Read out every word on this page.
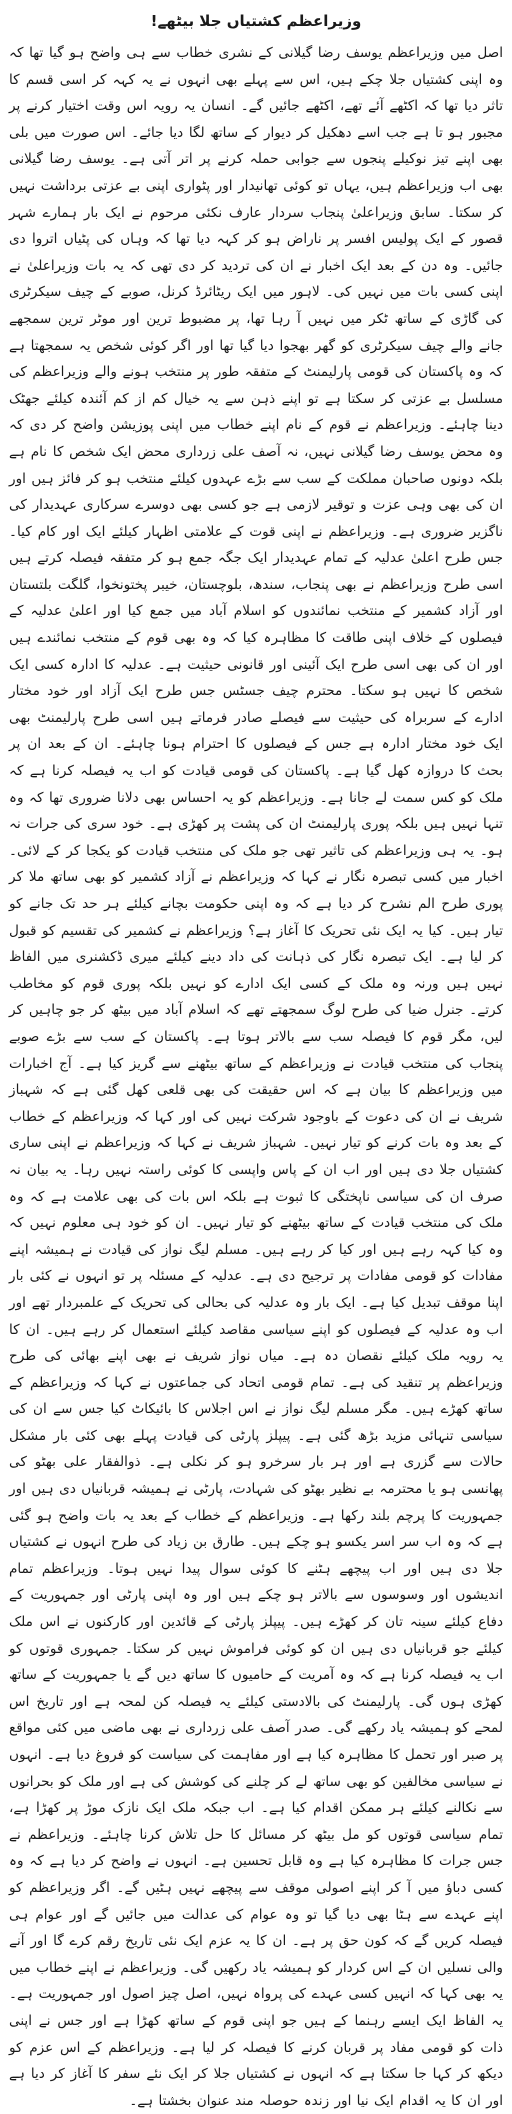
وزیراعظم کشتیاں جلا بیٹھے!

اصل میں وزیراعظم یوسف رضا گیلانی کے نشری خطاب سے ہی واضح ہو گیا تھا کہ وہ اپنی کشتیاں جلا چکے ہیں، اس سے پہلے بھی انہوں نے یہ کہہ کر اسی قسم کا تاثر دیا تھا کہ اکٹھے آئے تھے، اکٹھے جائیں گے۔ انسان یہ رویہ اس وقت اختیار کرنے پر مجبور ہو تا ہے جب اسے دھکیل کر دیوار کے ساتھ لگا دیا جائے۔ اس صورت میں بلی بھی اپنے تیز نوکیلے پنجوں سے جوابی حملہ کرنے پر اتر آتی ہے۔ یوسف رضا گیلانی بھی اب وزیراعظم ہیں، یہاں تو کوئی تھانیدار اور پٹواری اپنی بے عزتی برداشت نہیں کر سکتا۔ سابق وزیراعلیٰ پنجاب سردار عارف نکئی مرحوم نے ایک بار ہمارے شہر قصور کے ایک پولیس افسر پر ناراض ہو کر کہہ دیا تھا کہ وہاں کی پٹیاں اتروا دی جائیں۔ وہ دن کے بعد ایک اخبار نے ان کی تردید کر دی تھی کہ یہ بات وزیراعلیٰ نے اپنی کسی بات میں نہیں کی۔ لاہور میں ایک ریٹائرڈ کرنل، صوبے کے چیف سیکرٹری کی گاڑی کے ساتھ ٹکر میں نہیں آ رہا تھا، پر مضبوط ترین اور موٹر ترین سمجھے جانے والے چیف سیکرٹری کو گھر بھجوا دیا گیا تھا اور اگر کوئی شخص یہ سمجھتا ہے کہ وہ پاکستان کی قومی پارلیمنٹ کے متفقہ طور پر منتخب ہونے والے وزیراعظم کی مسلسل بے عزتی کر سکتا ہے تو اپنے ذہن سے یہ خیال کم از کم آئندہ کیلئے جھٹک دینا چاہئے۔ وزیراعظم نے قوم کے نام اپنے خطاب میں اپنی پوزیشن واضح کر دی کہ وہ محض یوسف رضا گیلانی نہیں، نہ آصف علی زرداری محض ایک شخص کا نام ہے بلکہ دونوں صاحبان مملکت کے سب سے بڑے عہدوں کیلئے منتخب ہو کر فائز ہیں اور ان کی بھی وہی عزت و توقیر لازمی ہے جو کسی بھی دوسرے سرکاری عہدیدار کی ناگزیر ضروری ہے۔ وزیراعظم نے اپنی قوت کے علامتی اظہار کیلئے ایک اور کام کیا۔ جس طرح اعلیٰ عدلیہ کے تمام عہدیدار ایک جگہ جمع ہو کر متفقہ فیصلہ کرتے ہیں اسی طرح وزیراعظم نے بھی پنجاب، سندھ، بلوچستان، خیبر پختونخوا، گلگت بلتستان اور آزاد کشمیر کے منتخب نمائندوں کو اسلام آباد میں جمع کیا اور اعلیٰ عدلیہ کے فیصلوں کے خلاف اپنی طاقت کا مظاہرہ کیا کہ وہ بھی قوم کے منتخب نمائندے ہیں اور ان کی بھی اسی طرح ایک آئینی اور قانونی حیثیت ہے۔ عدلیہ کا ادارہ کسی ایک شخص کا نہیں ہو سکتا۔ محترم چیف جسٹس جس طرح ایک آزاد اور خود مختار ادارے کے سربراہ کی حیثیت سے فیصلے صادر فرماتے ہیں اسی طرح پارلیمنٹ بھی ایک خود مختار ادارہ ہے جس کے فیصلوں کا احترام ہونا چاہئے۔ ان کے بعد ان پر بحث کا دروازہ کھل گیا ہے۔ پاکستان کی قومی قیادت کو اب یہ فیصلہ کرنا ہے کہ ملک کو کس سمت لے جانا ہے۔ وزیراعظم کو یہ احساس بھی دلانا ضروری تھا کہ وہ تنہا نہیں ہیں بلکہ پوری پارلیمنٹ ان کی پشت پر کھڑی ہے۔ خود سری کی جرات نہ ہو۔ یہ ہی وزیراعظم کی تاثیر تھی جو ملک کی منتخب قیادت کو یکجا کر کے لائی۔ اخبار میں کسی تبصرہ نگار نے کہا کہ وزیراعظم نے آزاد کشمیر کو بھی ساتھ ملا کر پوری طرح الم نشرح کر دیا ہے کہ وہ اپنی حکومت بچانے کیلئے ہر حد تک جانے کو تیار ہیں۔ کیا یہ ایک نئی تحریک کا آغاز ہے؟ وزیراعظم نے کشمیر کی تقسیم کو قبول کر لیا ہے۔ ایک تبصرہ نگار کی ذہانت کی داد دینے کیلئے میری ڈکشنری میں الفاظ نہیں ہیں ورنہ وہ ملک کے کسی ایک ادارے کو نہیں بلکہ پوری قوم کو مخاطب کرتے۔ جنرل ضیا کی طرح لوگ سمجھتے تھے کہ اسلام آباد میں بیٹھ کر جو چاہیں کر لیں، مگر قوم کا فیصلہ سب سے بالاتر ہوتا ہے۔ پاکستان کے سب سے بڑے صوبے پنجاب کی منتخب قیادت نے وزیراعظم کے ساتھ بیٹھنے سے گریز کیا ہے۔ آج اخبارات میں وزیراعظم کا بیان ہے کہ اس حقیقت کی بھی قلعی کھل گئی ہے کہ شہباز شریف نے ان کی دعوت کے باوجود شرکت نہیں کی اور کہا کہ وزیراعظم کے خطاب کے بعد وہ بات کرنے کو تیار نہیں۔ شہباز شریف نے کہا کہ وزیراعظم نے اپنی ساری کشتیاں جلا دی ہیں اور اب ان کے پاس واپسی کا کوئی راستہ نہیں رہا۔ یہ بیان نہ صرف ان کی سیاسی ناپختگی کا ثبوت ہے بلکہ اس بات کی بھی علامت ہے کہ وہ ملک کی منتخب قیادت کے ساتھ بیٹھنے کو تیار نہیں۔ ان کو خود ہی معلوم نہیں کہ وہ کیا کہہ رہے ہیں اور کیا کر رہے ہیں۔ مسلم لیگ نواز کی قیادت نے ہمیشہ اپنے مفادات کو قومی مفادات پر ترجیح دی ہے۔ عدلیہ کے مسئلہ پر تو انہوں نے کئی بار اپنا موقف تبدیل کیا ہے۔ ایک بار وہ عدلیہ کی بحالی کی تحریک کے علمبردار تھے اور اب وہ عدلیہ کے فیصلوں کو اپنے سیاسی مقاصد کیلئے استعمال کر رہے ہیں۔ ان کا یہ رویہ ملک کیلئے نقصان دہ ہے۔ میاں نواز شریف نے بھی اپنے بھائی کی طرح وزیراعظم پر تنقید کی ہے۔ تمام قومی اتحاد کی جماعتوں نے کہا کہ وزیراعظم کے ساتھ کھڑے ہیں۔ مگر مسلم لیگ نواز نے اس اجلاس کا بائیکاٹ کیا جس سے ان کی سیاسی تنہائی مزید بڑھ گئی ہے۔ پیپلز پارٹی کی قیادت پہلے بھی کئی بار مشکل حالات سے گزری ہے اور ہر بار سرخرو ہو کر نکلی ہے۔ ذوالفقار علی بھٹو کی پھانسی ہو یا محترمہ بے نظیر بھٹو کی شہادت، پارٹی نے ہمیشہ قربانیاں دی ہیں اور جمہوریت کا پرچم بلند رکھا ہے۔ وزیراعظم کے خطاب کے بعد یہ بات واضح ہو گئی ہے کہ وہ اب سر اسر یکسو ہو چکے ہیں۔ طارق بن زیاد کی طرح انہوں نے کشتیاں جلا دی ہیں اور اب پیچھے ہٹنے کا کوئی سوال پیدا نہیں ہوتا۔ وزیراعظم تمام اندیشوں اور وسوسوں سے بالاتر ہو چکے ہیں اور وہ اپنی پارٹی اور جمہوریت کے دفاع کیلئے سینہ تان کر کھڑے ہیں۔ پیپلز پارٹی کے قائدین اور کارکنوں نے اس ملک کیلئے جو قربانیاں دی ہیں ان کو کوئی فراموش نہیں کر سکتا۔ جمہوری قوتوں کو اب یہ فیصلہ کرنا ہے کہ وہ آمریت کے حامیوں کا ساتھ دیں گے یا جمہوریت کے ساتھ کھڑی ہوں گی۔ پارلیمنٹ کی بالادستی کیلئے یہ فیصلہ کن لمحہ ہے اور تاریخ اس لمحے کو ہمیشہ یاد رکھے گی۔ صدر آصف علی زرداری نے بھی ماضی میں کئی مواقع پر صبر اور تحمل کا مظاہرہ کیا ہے اور مفاہمت کی سیاست کو فروغ دیا ہے۔ انہوں نے سیاسی مخالفین کو بھی ساتھ لے کر چلنے کی کوشش کی ہے اور ملک کو بحرانوں سے نکالنے کیلئے ہر ممکن اقدام کیا ہے۔ اب جبکہ ملک ایک نازک موڑ پر کھڑا ہے، تمام سیاسی قوتوں کو مل بیٹھ کر مسائل کا حل تلاش کرنا چاہئے۔ وزیراعظم نے جس جرات کا مظاہرہ کیا ہے وہ قابل تحسین ہے۔ انہوں نے واضح کر دیا ہے کہ وہ کسی دباؤ میں آ کر اپنے اصولی موقف سے پیچھے نہیں ہٹیں گے۔ اگر وزیراعظم کو اپنے عہدے سے ہٹا بھی دیا گیا تو وہ عوام کی عدالت میں جائیں گے اور عوام ہی فیصلہ کریں گے کہ کون حق پر ہے۔ ان کا یہ عزم ایک نئی تاریخ رقم کرے گا اور آنے والی نسلیں ان کے اس کردار کو ہمیشہ یاد رکھیں گی۔ وزیراعظم نے اپنے خطاب میں یہ بھی کہا کہ انہیں کسی عہدے کی پرواہ نہیں، اصل چیز اصول اور جمہوریت ہے۔ یہ الفاظ ایک ایسے رہنما کے ہیں جو اپنی قوم کے ساتھ کھڑا ہے اور جس نے اپنی ذات کو قومی مفاد پر قربان کرنے کا فیصلہ کر لیا ہے۔ وزیراعظم کے اس عزم کو دیکھ کر کہا جا سکتا ہے کہ انہوں نے کشتیاں جلا کر ایک نئے سفر کا آغاز کر دیا ہے اور ان کا یہ اقدام ایک نیا اور زندہ حوصلہ مند عنوان بخشتا ہے۔
